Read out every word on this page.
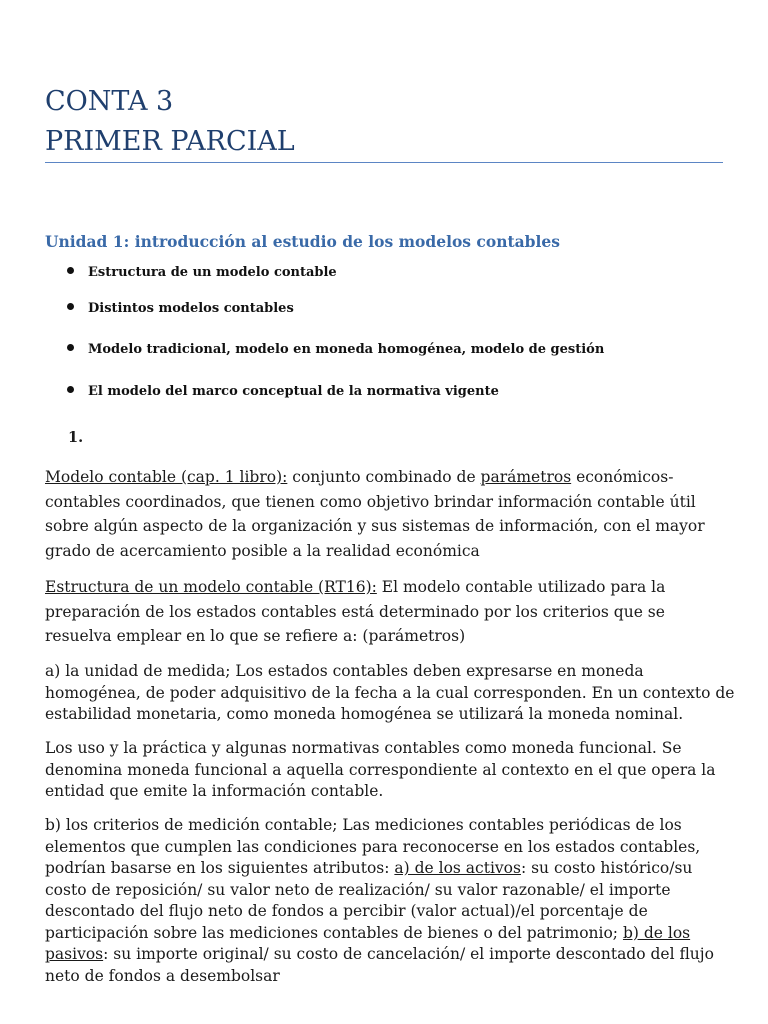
CONTA 3
PRIMER PARCIAL
Unidad 1: introducción al estudio de los modelos contables
Estructura de un modelo contable
Distintos modelos contables
Modelo tradicional, modelo en moneda homogénea, modelo de gestión
El modelo del marco conceptual de la normativa vigente
1.
Modelo contable (cap. 1 libro): conjunto combinado de parámetros económicos-contables coordinados, que tienen como objetivo brindar información contable útil sobre algún aspecto de la organización y sus sistemas de información, con el mayor grado de acercamiento posible a la realidad económica
Estructura de un modelo contable (RT16): El modelo contable utilizado para la preparación de los estados contables está determinado por los criterios que se resuelva emplear en lo que se refiere a: (parámetros)
a) la unidad de medida; Los estados contables deben expresarse en moneda homogénea, de poder adquisitivo de la fecha a la cual corresponden. En un contexto de estabilidad monetaria, como moneda homogénea se utilizará la moneda nominal.
Los uso y la práctica y algunas normativas contables como moneda funcional. Se denomina moneda funcional a aquella correspondiente al contexto en el que opera la entidad que emite la información contable.
b) los criterios de medición contable; Las mediciones contables periódicas de los elementos que cumplen las condiciones para reconocerse en los estados contables, podrían basarse en los siguientes atributos: a) de los activos: su costo histórico/su costo de reposición/ su valor neto de realización/ su valor razonable/ el importe descontado del flujo neto de fondos a percibir (valor actual)/el porcentaje de participación sobre las mediciones contables de bienes o del patrimonio; b) de los pasivos: su importe original/ su costo de cancelación/ el importe descontado del flujo neto de fondos a desembolsar
